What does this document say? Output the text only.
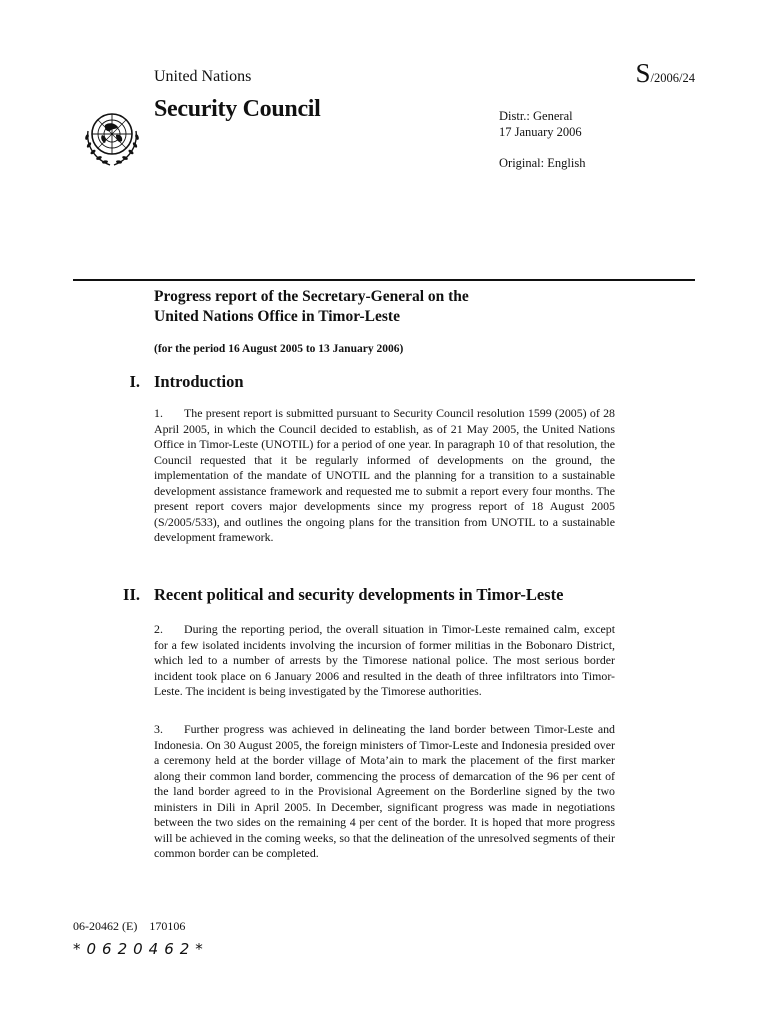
United Nations	S/2006/24
Security Council	Distr.: General
17 January 2006
Original: English
Progress report of the Secretary-General on the
United Nations Office in Timor-Leste
(for the period 16 August 2005 to 13 January 2006)
I. Introduction
1. The present report is submitted pursuant to Security Council resolution 1599 (2005) of 28 April 2005, in which the Council decided to establish, as of 21 May 2005, the United Nations Office in Timor-Leste (UNOTIL) for a period of one year. In paragraph 10 of that resolution, the Council requested that it be regularly informed of developments on the ground, the implementation of the mandate of UNOTIL and the planning for a transition to a sustainable development assistance framework and requested me to submit a report every four months. The present report covers major developments since my progress report of 18 August 2005 (S/2005/533), and outlines the ongoing plans for the transition from UNOTIL to a sustainable development framework.
II. Recent political and security developments in Timor-Leste
2. During the reporting period, the overall situation in Timor-Leste remained calm, except for a few isolated incidents involving the incursion of former militias in the Bobonaro District, which led to a number of arrests by the Timorese national police. The most serious border incident took place on 6 January 2006 and resulted in the death of three infiltrators into Timor-Leste. The incident is being investigated by the Timorese authorities.
3. Further progress was achieved in delineating the land border between Timor-Leste and Indonesia. On 30 August 2005, the foreign ministers of Timor-Leste and Indonesia presided over a ceremony held at the border village of Mota’ain to mark the placement of the first marker along their common land border, commencing the process of demarcation of the 96 per cent of the land border agreed to in the Provisional Agreement on the Borderline signed by the two ministers in Dili in April 2005. In December, significant progress was made in negotiations between the two sides on the remaining 4 per cent of the border. It is hoped that more progress will be achieved in the coming weeks, so that the delineation of the unresolved segments of their common border can be completed.
06-20462 (E)    170106
*0620462*
